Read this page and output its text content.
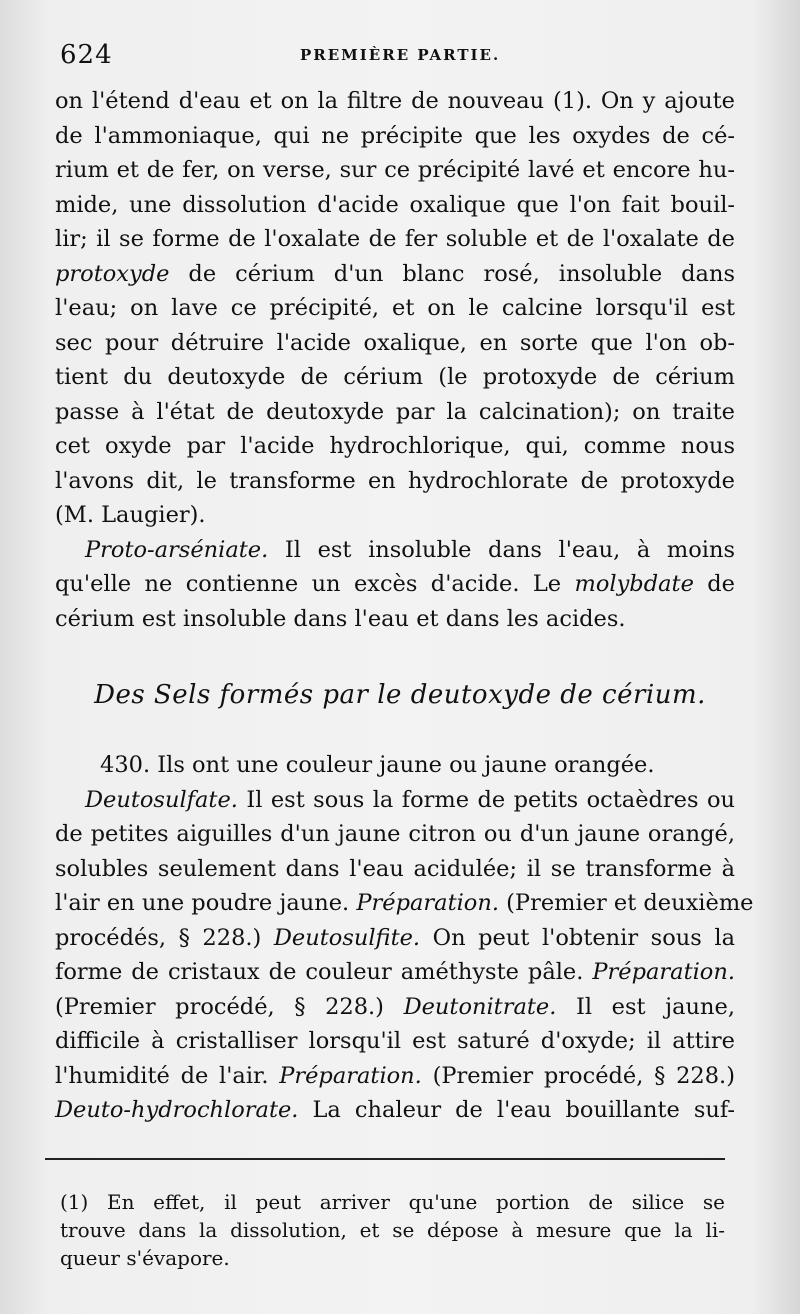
624	PREMIÈRE PARTIE.
on l'étend d'eau et on la filtre de nouveau (1). On y ajoute
de l'ammoniaque, qui ne précipite que les oxydes de cé-
rium et de fer, on verse, sur ce précipité lavé et encore hu-
mide, une dissolution d'acide oxalique que l'on fait bouil-
lir; il se forme de l'oxalate de fer soluble et de l'oxalate de
protoxyde de cérium d'un blanc rosé, insoluble dans
l'eau; on lave ce précipité, et on le calcine lorsqu'il est
sec pour détruire l'acide oxalique, en sorte que l'on ob-
tient du deutoxyde de cérium (le protoxyde de cérium
passe à l'état de deutoxyde par la calcination); on traite
cet oxyde par l'acide hydrochlorique, qui, comme nous
l'avons dit, le transforme en hydrochlorate de protoxyde
(M. Laugier).
Proto-arséniate. Il est insoluble dans l'eau, à moins
qu'elle ne contienne un excès d'acide. Le molybdate de
cérium est insoluble dans l'eau et dans les acides.
Des Sels formés par le deutoxyde de cérium.
430. Ils ont une couleur jaune ou jaune orangée.
Deutosulfate. Il est sous la forme de petits octaèdres ou
de petites aiguilles d'un jaune citron ou d'un jaune orangé,
solubles seulement dans l'eau acidulée; il se transforme à
l'air en une poudre jaune. Préparation. (Premier et deuxième
procédés, § 228.) Deutosulfite. On peut l'obtenir sous la
forme de cristaux de couleur améthyste pâle. Préparation.
(Premier procédé, § 228.) Deutonitrate. Il est jaune,
difficile à cristalliser lorsqu'il est saturé d'oxyde; il attire
l'humidité de l'air. Préparation. (Premier procédé, § 228.)
Deuto-hydrochlorate. La chaleur de l'eau bouillante suf-
(1) En effet, il peut arriver qu'une portion de silice se
trouve dans la dissolution, et se dépose à mesure que la li-
queur s'évapore.
